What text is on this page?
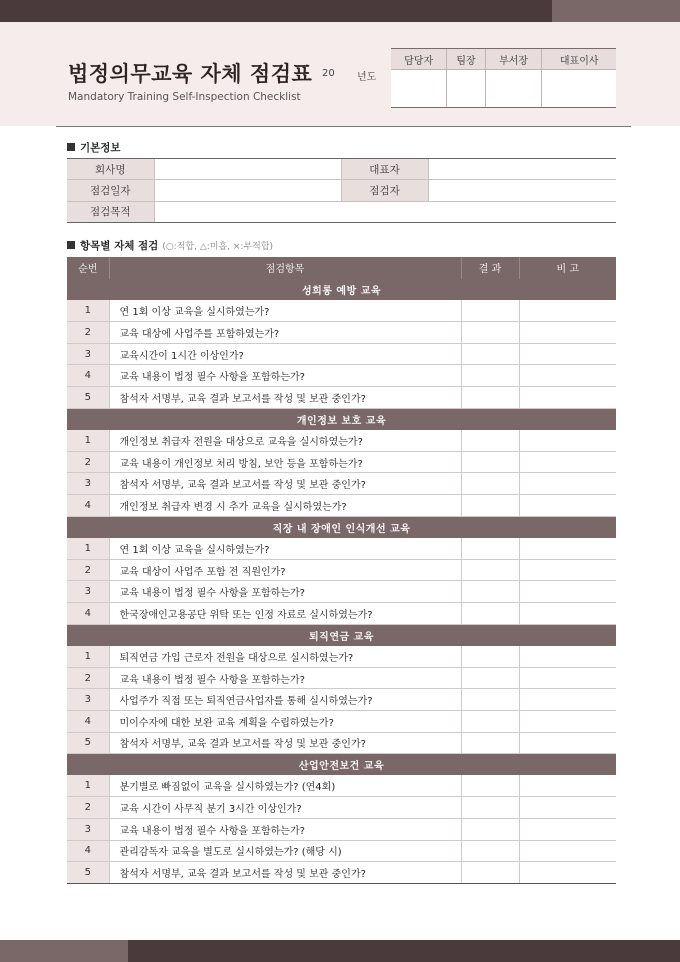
법정의무교육 자체 점검표 20 년도
Mandatory Training Self-Inspection Checklist
담당자	팀장	부서장	대표이사

기본정보
회사명		대표자	
점검일자		점검자	
점검목적			
항목별 자체 점검 (○:적합, △:미흡, ×:부적합)
순번	점검항목	결 과	비 고
성희롱 예방 교육			
1	연 1회 이상 교육을 실시하였는가?		
2	교육 대상에 사업주를 포함하였는가?		
3	교육시간이 1시간 이상인가?		
4	교육 내용이 법정 필수 사항을 포함하는가?		
5	참석자 서명부, 교육 결과 보고서를 작성 및 보관 중인가?		
개인정보 보호 교육			
1	개인정보 취급자 전원을 대상으로 교육을 실시하였는가?		
2	교육 내용이 개인정보 처리 방침, 보안 등을 포함하는가?		
3	참석자 서명부, 교육 결과 보고서를 작성 및 보관 중인가?		
4	개인정보 취급자 변경 시 추가 교육을 실시하였는가?		
직장 내 장애인 인식개선 교육			
1	연 1회 이상 교육을 실시하였는가?		
2	교육 대상이 사업주 포함 전 직원인가?		
3	교육 내용이 법정 필수 사항을 포함하는가?		
4	한국장애인고용공단 위탁 또는 인정 자료로 실시하였는가?		
퇴직연금 교육			
1	퇴직연금 가입 근로자 전원을 대상으로 실시하였는가?		
2	교육 내용이 법정 필수 사항을 포함하는가?		
3	사업주가 직접 또는 퇴직연금사업자를 통해 실시하였는가?		
4	미이수자에 대한 보완 교육 계획을 수립하였는가?		
5	참석자 서명부, 교육 결과 보고서를 작성 및 보관 중인가?		
산업안전보건 교육			
1	분기별로 빠짐없이 교육을 실시하였는가? (연4회)		
2	교육 시간이 사무직 분기 3시간 이상인가?		
3	교육 내용이 법정 필수 사항을 포함하는가?		
4	관리감독자 교육을 별도로 실시하였는가? (해당 시)		
5	참석자 서명부, 교육 결과 보고서를 작성 및 보관 중인가?		
